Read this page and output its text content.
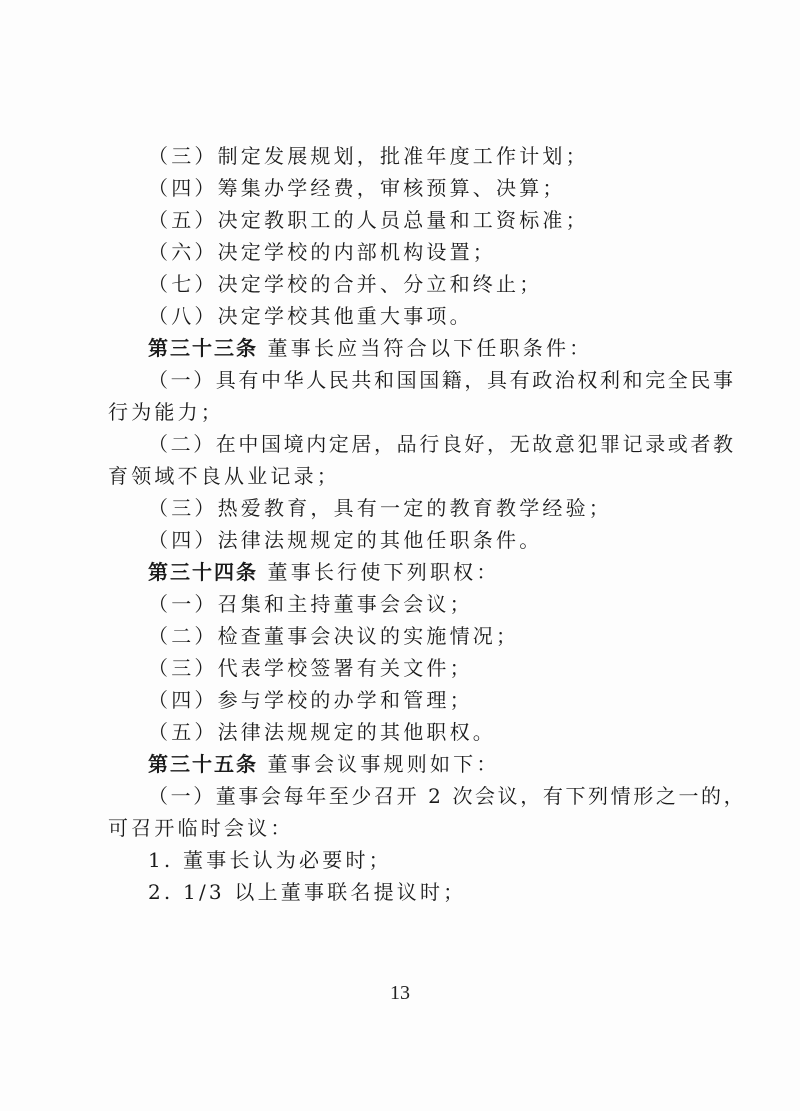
（三）制定发展规划，批准年度工作计划；
（四）筹集办学经费，审核预算、决算；
（五）决定教职工的人员总量和工资标准；
（六）决定学校的内部机构设置；
（七）决定学校的合并、分立和终止；
（八）决定学校其他重大事项。
第三十三条 董事长应当符合以下任职条件：
（一）具有中华人民共和国国籍，具有政治权利和完全民事
行为能力；
（二）在中国境内定居，品行良好，无故意犯罪记录或者教
育领域不良从业记录；
（三）热爱教育，具有一定的教育教学经验；
（四）法律法规规定的其他任职条件。
第三十四条 董事长行使下列职权：
（一）召集和主持董事会会议；
（二）检查董事会决议的实施情况；
（三）代表学校签署有关文件；
（四）参与学校的办学和管理；
（五）法律法规规定的其他职权。
第三十五条 董事会议事规则如下：
（一）董事会每年至少召开 2 次会议，有下列情形之一的，
可召开临时会议：
1. 董事长认为必要时；
2. 1/3 以上董事联名提议时；
13
